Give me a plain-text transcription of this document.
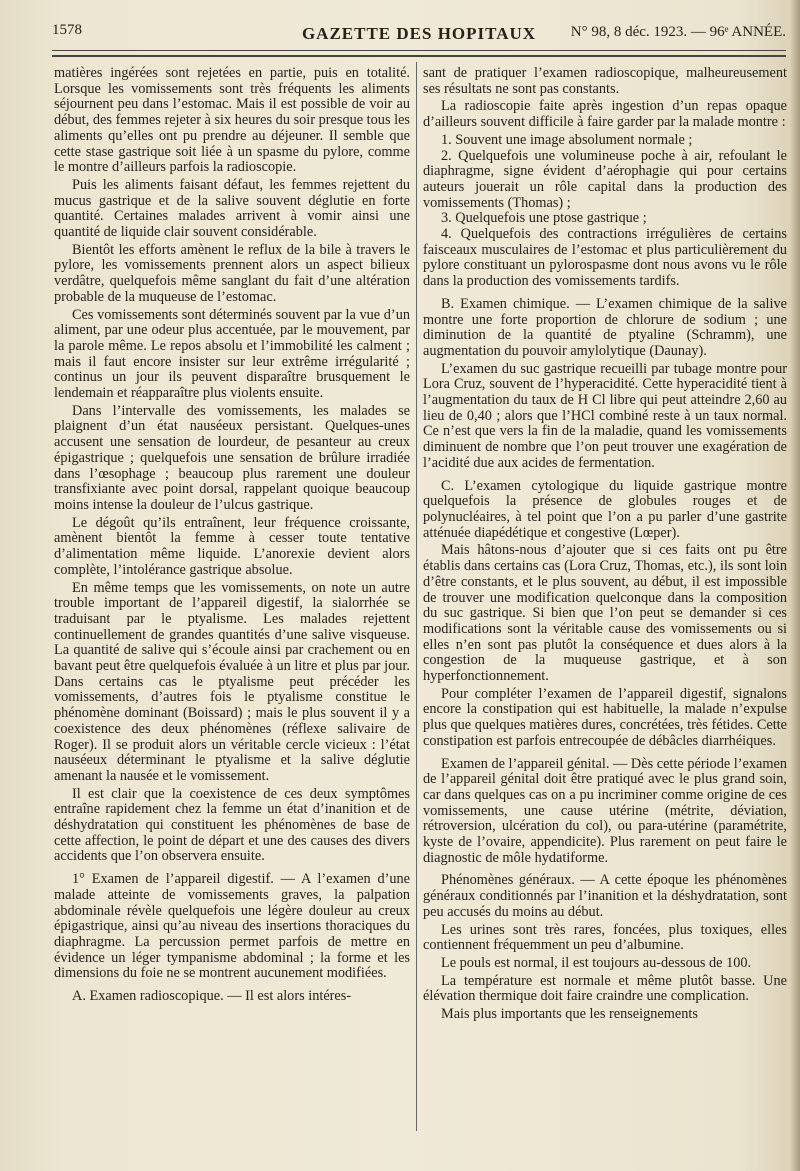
1578	GAZETTE DES HOPITAUX	N° 98, 8 déc. 1923. — 96ᵉ ANNÉE.

matières ingérées sont rejetées en partie, puis en totalité. Lorsque les vomissements sont très fréquents les aliments séjournent peu dans l’estomac. Mais il est possible de voir au début, des femmes rejeter à six heures du soir presque tous les aliments qu’elles ont pu prendre au déjeuner. Il semble que cette stase gastrique soit liée à un spasme du pylore, comme le montre d’ailleurs parfois la radioscopie.

Puis les aliments faisant défaut, les femmes rejettent du mucus gastrique et de la salive souvent déglutie en forte quantité. Certaines malades arrivent à vomir ainsi une quantité de liquide clair souvent considérable.

Bientôt les efforts amènent le reflux de la bile à travers le pylore, les vomissements prennent alors un aspect bilieux verdâtre, quelquefois même sanglant du fait d’une altération probable de la muqueuse de l’estomac.

Ces vomissements sont déterminés souvent par la vue d’un aliment, par une odeur plus accentuée, par le mouvement, par la parole même. Le repos absolu et l’immobilité les calment ; mais il faut encore insister sur leur extrême irrégularité ; continus un jour ils peuvent disparaître brusquement le lendemain et réapparaître plus violents ensuite.

Dans l’intervalle des vomissements, les malades se plaignent d’un état nauséeux persistant. Quelques-unes accusent une sensation de lourdeur, de pesanteur au creux épigastrique ; quelquefois une sensation de brûlure irradiée dans l’œsophage ; beaucoup plus rarement une douleur transfixiante avec point dorsal, rappelant quoique beaucoup moins intense la douleur de l’ulcus gastrique.

Le dégoût qu’ils entraînent, leur fréquence croissante, amènent bientôt la femme à cesser toute tentative d’alimentation même liquide. L’anorexie devient alors complète, l’intolérance gastrique absolue.

En même temps que les vomissements, on note un autre trouble important de l’appareil digestif, la sialorrhée se traduisant par le ptyalisme. Les malades rejettent continuellement de grandes quantités d’une salive visqueuse. La quantité de salive qui s’écoule ainsi par crachement ou en bavant peut être quelquefois évaluée à un litre et plus par jour. Dans certains cas le ptyalisme peut précéder les vomissements, d’autres fois le ptyalisme constitue le phénomène dominant (Boissard) ; mais le plus souvent il y a coexistence des deux phénomènes (réflexe salivaire de Roger). Il se produit alors un véritable cercle vicieux : l’état nauséeux déterminant le ptyalisme et la salive déglutie amenant la nausée et le vomissement.

Il est clair que la coexistence de ces deux symptômes entraîne rapidement chez la femme un état d’inanition et de déshydratation qui constituent les phénomènes de base de cette affection, le point de départ et une des causes des divers accidents que l’on observera ensuite.

1° Examen de l’appareil digestif. — A l’examen d’une malade atteinte de vomissements graves, la palpation abdominale révèle quelquefois une légère douleur au creux épigastrique, ainsi qu’au niveau des insertions thoraciques du diaphragme. La percussion permet parfois de mettre en évidence un léger tympanisme abdominal ; la forme et les dimensions du foie ne se montrent aucunement modifiées.

A. Examen radioscopique. — Il est alors intéres-

sant de pratiquer l’examen radioscopique, malheureusement ses résultats ne sont pas constants.

La radioscopie faite après ingestion d’un repas opaque d’ailleurs souvent difficile à faire garder par la malade montre :

1. Souvent une image absolument normale ;

2. Quelquefois une volumineuse poche à air, refoulant le diaphragme, signe évident d’aérophagie qui pour certains auteurs jouerait un rôle capital dans la production des vomissements (Thomas) ;

3. Quelquefois une ptose gastrique ;

4. Quelquefois des contractions irrégulières de certains faisceaux musculaires de l’estomac et plus particulièrement du pylore constituant un pylorospasme dont nous avons vu le rôle dans la production des vomissements tardifs.

B. Examen chimique. — L’examen chimique de la salive montre une forte proportion de chlorure de sodium ; une diminution de la quantité de ptyaline (Schramm), une augmentation du pouvoir amylolytique (Daunay).

L’examen du suc gastrique recueilli par tubage montre pour Lora Cruz, souvent de l’hyperacidité. Cette hyperacidité tient à l’augmentation du taux de H Cl libre qui peut atteindre 2,60 au lieu de 0,40 ; alors que l’HCl combiné reste à un taux normal. Ce n’est que vers la fin de la maladie, quand les vomissements diminuent de nombre que l’on peut trouver une exagération de l’acidité due aux acides de fermentation.

C. L’examen cytologique du liquide gastrique montre quelquefois la présence de globules rouges et de polynucléaires, à tel point que l’on a pu parler d’une gastrite atténuée diapédétique et congestive (Lœper).

Mais hâtons-nous d’ajouter que si ces faits ont pu être établis dans certains cas (Lora Cruz, Thomas, etc.), ils sont loin d’être constants, et le plus souvent, au début, il est impossible de trouver une modification quelconque dans la composition du suc gastrique. Si bien que l’on peut se demander si ces modifications sont la véritable cause des vomissements ou si elles n’en sont pas plutôt la conséquence et dues alors à la congestion de la muqueuse gastrique, et à son hyperfonctionnement.

Pour compléter l’examen de l’appareil digestif, signalons encore la constipation qui est habituelle, la malade n’expulse plus que quelques matières dures, concrétées, très fétides. Cette constipation est parfois entrecoupée de débâcles diarrhéiques.

Examen de l’appareil génital. — Dès cette période l’examen de l’appareil génital doit être pratiqué avec le plus grand soin, car dans quelques cas on a pu incriminer comme origine de ces vomissements, une cause utérine (métrite, déviation, rétroversion, ulcération du col), ou para-utérine (paramétrite, kyste de l’ovaire, appendicite). Plus rarement on peut faire le diagnostic de môle hydatiforme.

Phénomènes généraux. — A cette époque les phénomènes généraux conditionnés par l’inanition et la déshydratation, sont peu accusés du moins au début.

Les urines sont très rares, foncées, plus toxiques, elles contiennent fréquemment un peu d’albumine.

Le pouls est normal, il est toujours au-dessous de 100.

La température est normale et même plutôt basse. Une élévation thermique doit faire craindre une complication.

Mais plus importants que les renseignements
